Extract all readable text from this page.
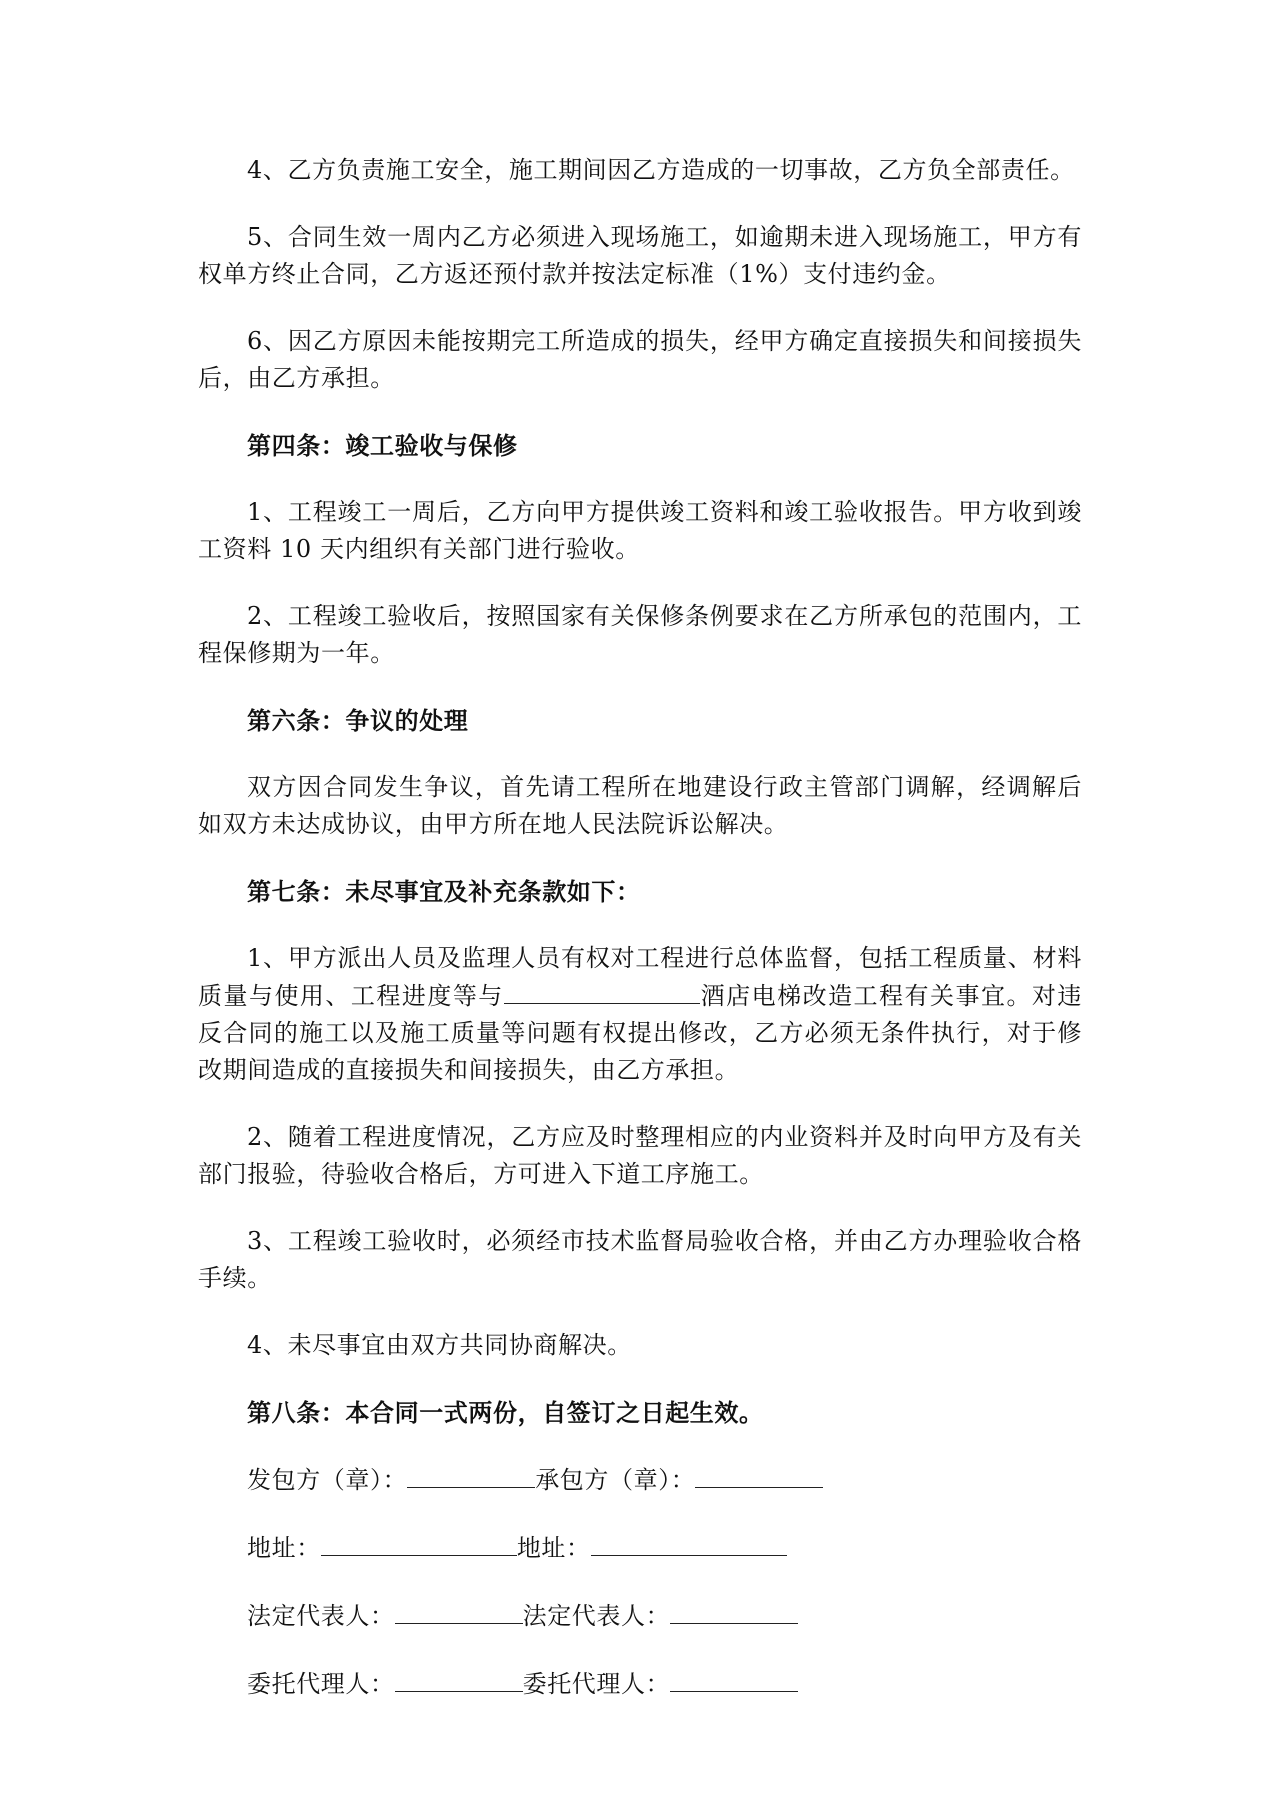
4、乙方负责施工安全，施工期间因乙方造成的一切事故，乙方负全部责任。

5、合同生效一周内乙方必须进入现场施工，如逾期未进入现场施工，甲方有权单方终止合同，乙方返还预付款并按法定标准（1%）支付违约金。

6、因乙方原因未能按期完工所造成的损失，经甲方确定直接损失和间接损失后，由乙方承担。

第四条：竣工验收与保修

1、工程竣工一周后，乙方向甲方提供竣工资料和竣工验收报告。甲方收到竣工资料 10 天内组织有关部门进行验收。

2、工程竣工验收后，按照国家有关保修条例要求在乙方所承包的范围内，工程保修期为一年。

第六条：争议的处理

双方因合同发生争议，首先请工程所在地建设行政主管部门调解，经调解后如双方未达成协议，由甲方所在地人民法院诉讼解决。

第七条：未尽事宜及补充条款如下：

1、甲方派出人员及监理人员有权对工程进行总体监督，包括工程质量、材料质量与使用、工程进度等与	酒店电梯改造工程有关事宜。对违反合同的施工以及施工质量等问题有权提出修改，乙方必须无条件执行，对于修改期间造成的直接损失和间接损失，由乙方承担。

2、随着工程进度情况，乙方应及时整理相应的内业资料并及时向甲方及有关部门报验，待验收合格后，方可进入下道工序施工。

3、工程竣工验收时，必须经市技术监督局验收合格，并由乙方办理验收合格手续。

4、未尽事宜由双方共同协商解决。

第八条：本合同一式两份，自签订之日起生效。

发包方（章）：	承包方（章）：
地址：	地址：
法定代表人：	法定代表人：
委托代理人：	委托代理人：
